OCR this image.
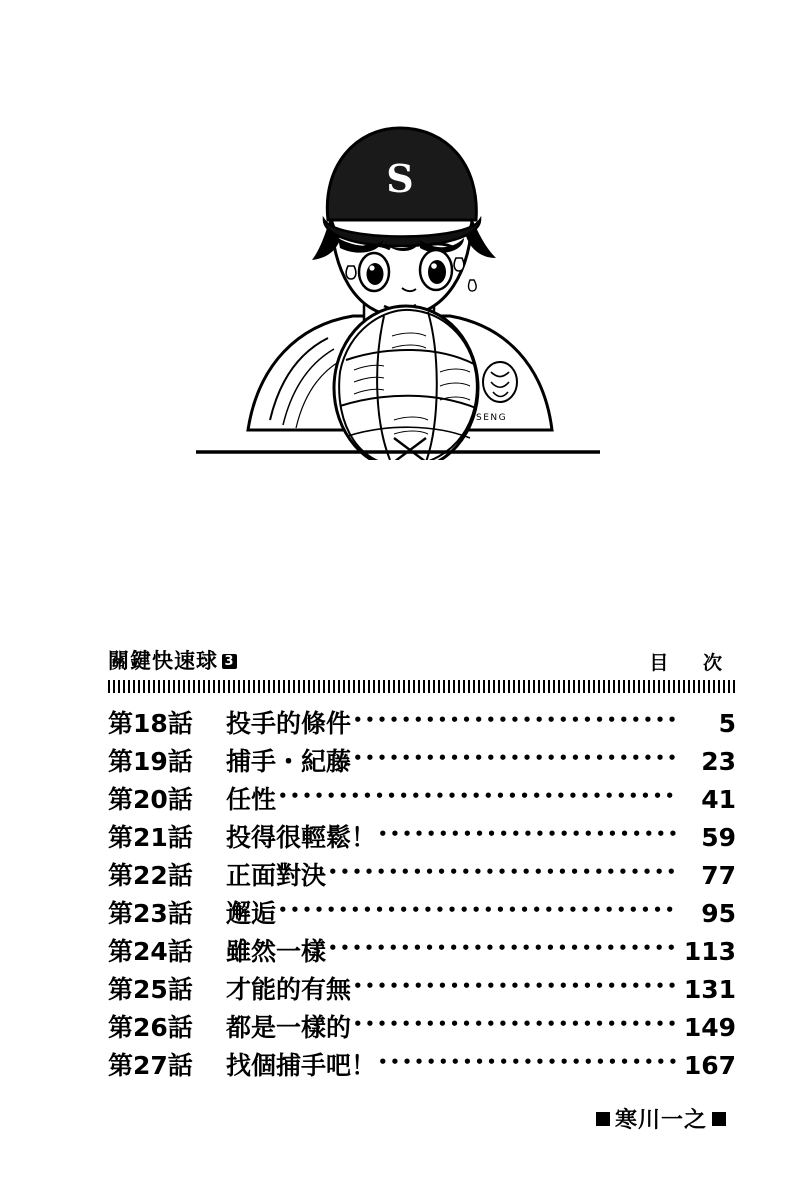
SENG
S
關鍵快速球 3	目 次
第18話	投手的條件 •••••	5
第19話	捕手・紀藤 •••••	23
第20話	任性 •••••	41
第21話	投得很輕鬆！ •••••	59
第22話	正面對決 •••••	77
第23話	邂逅 •••••	95
第24話	雖然一樣 •••••	113
第25話	才能的有無 •••••	131
第26話	都是一樣的 •••••	149
第27話	找個捕手吧！ •••••	167
寒川一之
